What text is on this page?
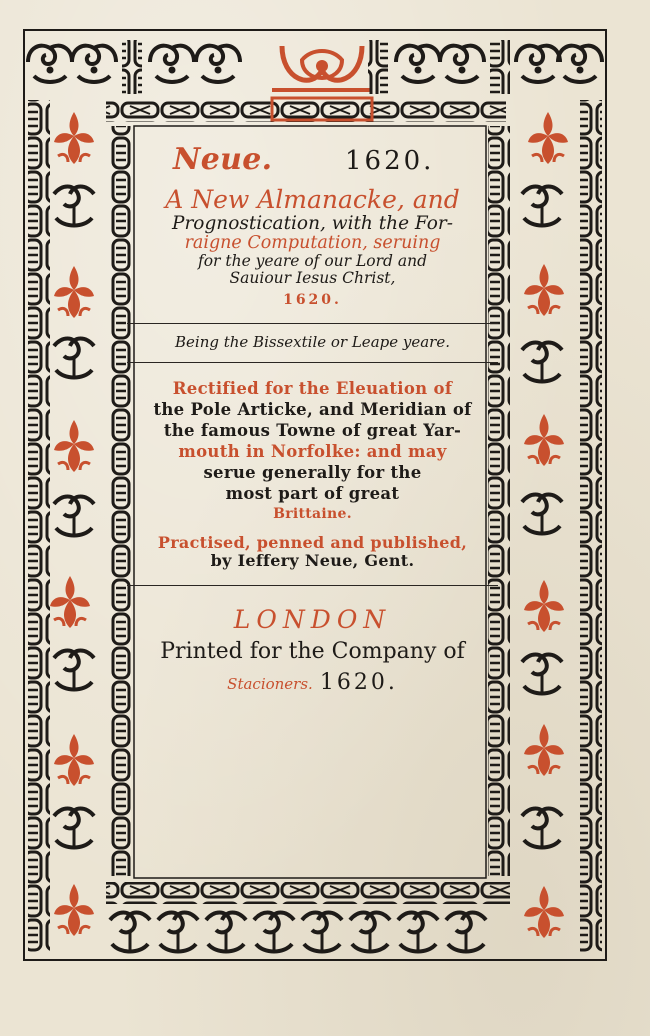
Neue.	1620.
A New Almanacke, and
Prognostication, with the For-
raigne Computation, seruing
for the yeare of our Lord and
Sauiour Iesus Christ,
1620.
Being the Bissextile or Leape yeare.
Rectified for the Eleuation of
the Pole Articke, and Meridian of
the famous Towne of great Yar-
mouth in Norfolke: and may
serue generally for the
most part of great
Brittaine.
Practised, penned and published,
by Ieffery Neue, Gent.
LONDON
Printed for the Company of
Stacioners. 1620.
